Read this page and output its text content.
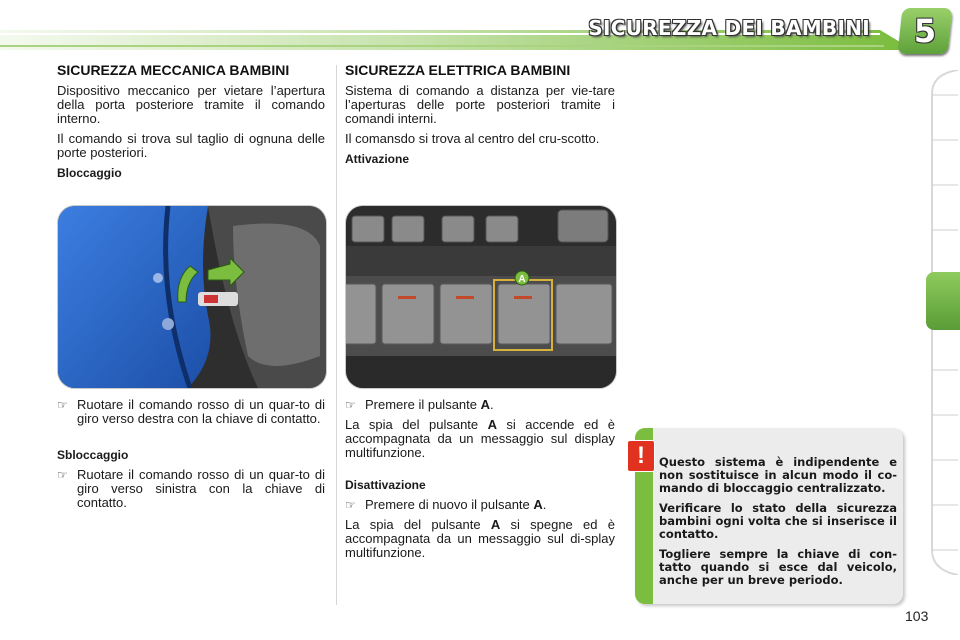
SICUREZZA DEI BAMBINI	5
SICUREZZA MECCANICA BAMBINI

Dispositivo meccanico per vietare l’apertura della porta posteriore tramite il comando interno.

Il comando si trova sul taglio di ognuna delle porte posteriori.

Bloccaggio
☞ Ruotare il comando rosso di un quar-to di giro verso destra con la chiave di contatto.
Sbloccaggio
☞ Ruotare il comando rosso di un quar-to di giro verso sinistra con la chiave di contatto.
SICUREZZA ELETTRICA BAMBINI

Sistema di comando a distanza per vie-tare l’aperturas delle porte posteriori tramite i comandi interni.

Il comansdo si trova al centro del cru-scotto.

Attivazione
A
☞ Premere il pulsante A.

La spia del pulsante A si accende ed è accompagnata da un messaggio sul display multifunzione.

Disattivazione
☞ Premere di nuovo il pulsante A.

La spia del pulsante A si spegne ed è accompagnata da un messaggio sul di-splay multifunzione.

!	Questo sistema è indipendente e non sostituisce in alcun modo il co-mando di bloccaggio centralizzato.

Verificare lo stato della sicurezza bambini ogni volta che si inserisce il contatto.

Togliere sempre la chiave di con-tatto quando si esce dal veicolo, anche per un breve periodo.

103
